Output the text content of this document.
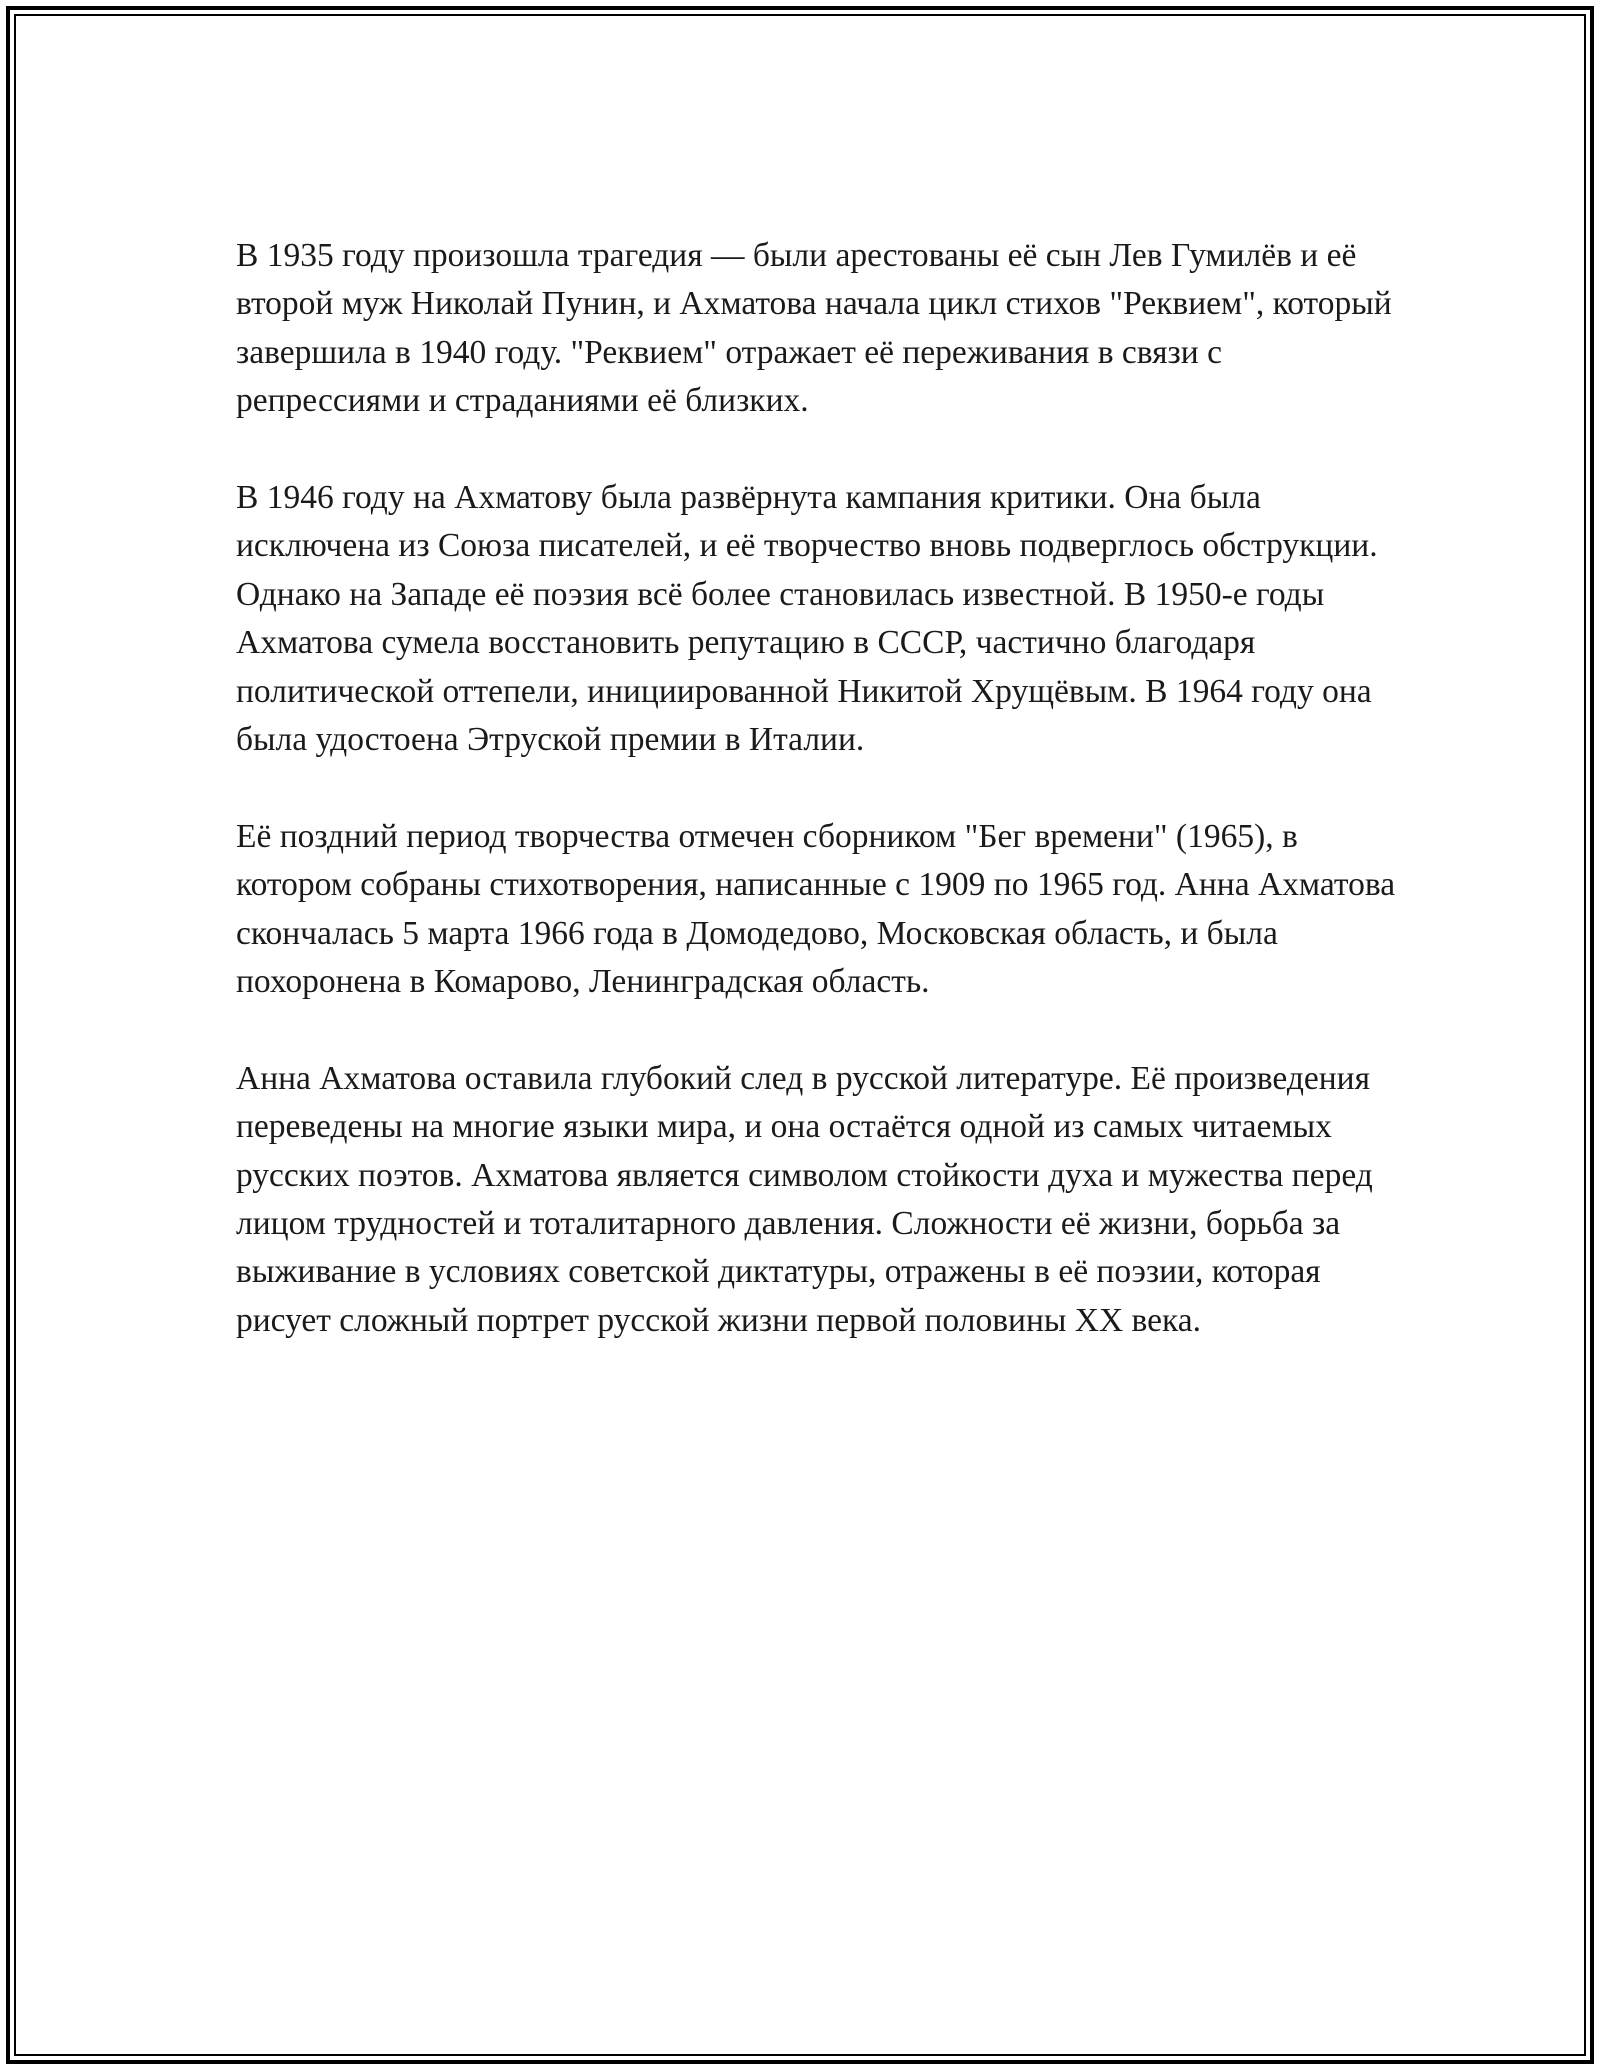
В 1935 году произошла трагедия — были арестованы её сын Лев Гумилёв и её второй муж Николай Пунин, и Ахматова начала цикл стихов "Реквием", который завершила в 1940 году. "Реквием" отражает её переживания в связи с репрессиями и страданиями её близких.

В 1946 году на Ахматову была развёрнута кампания критики. Она была исключена из Союза писателей, и её творчество вновь подверглось обструкции. Однако на Западе её поэзия всё более становилась известной. В 1950-е годы Ахматова сумела восстановить репутацию в СССР, частично благодаря политической оттепели, инициированной Никитой Хрущёвым. В 1964 году она была удостоена Этруской премии в Италии.

Её поздний период творчества отмечен сборником "Бег времени" (1965), в котором собраны стихотворения, написанные с 1909 по 1965 год. Анна Ахматова скончалась 5 марта 1966 года в Домодедово, Московская область, и была похоронена в Комарово, Ленинградская область.

Анна Ахматова оставила глубокий след в русской литературе. Её произведения переведены на многие языки мира, и она остаётся одной из самых читаемых русских поэтов. Ахматова является символом стойкости духа и мужества перед лицом трудностей и тоталитарного давления. Сложности её жизни, борьба за выживание в условиях советской диктатуры, отражены в её поэзии, которая рисует сложный портрет русской жизни первой половины XX века.
